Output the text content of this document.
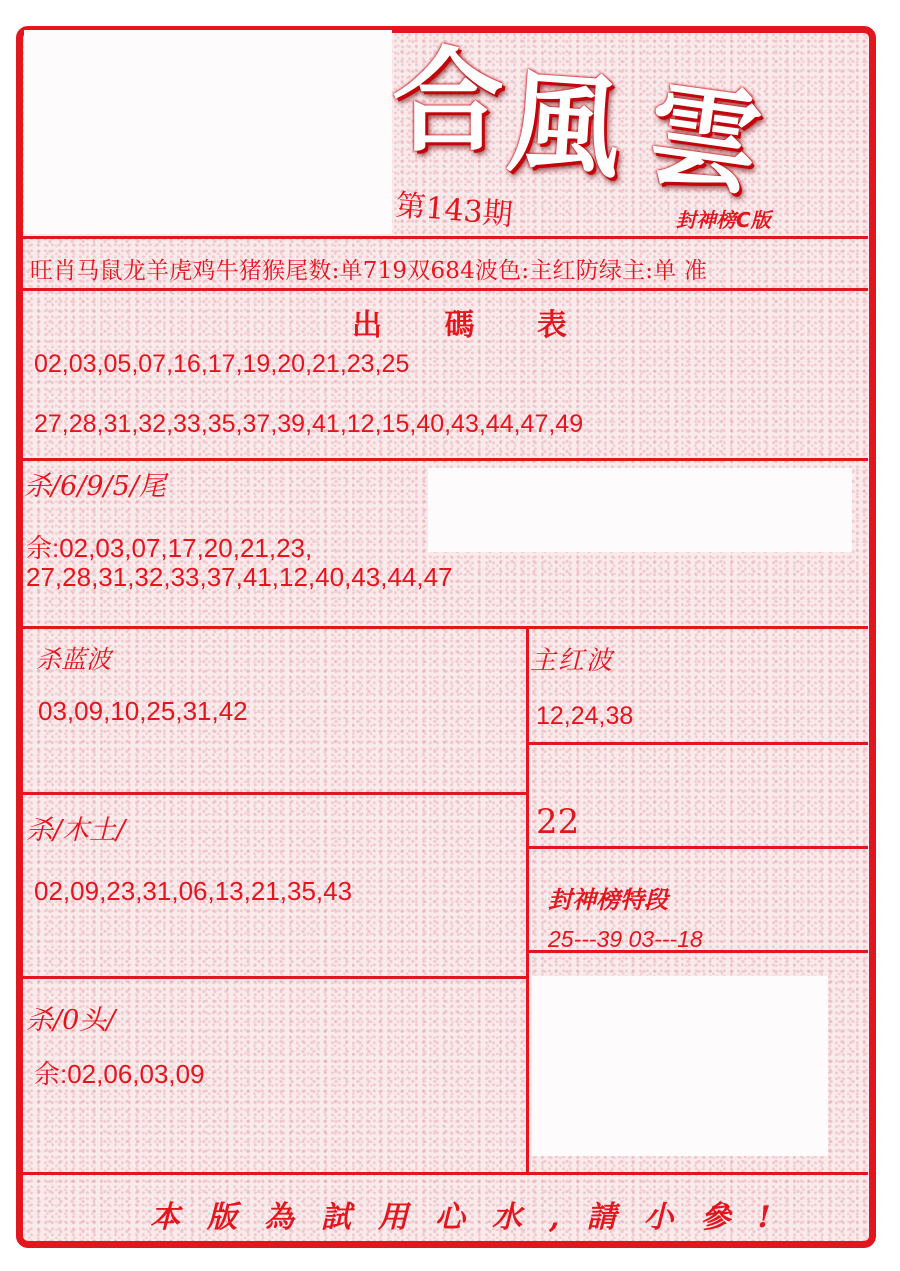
合 風 雲
第143期	封神榜C版
旺肖马鼠龙羊虎鸡牛猪猴尾数:单719双684波色:主红防绿主:单 准
出 碼 表
02,03,05,07,16,17,19,20,21,23,25
27,28,31,32,33,35,37,39,41,12,15,40,43,44,47,49
杀/6/9/5/尾
余:02,03,07,17,20,21,23,
27,28,31,32,33,37,41,12,40,43,44,47
杀蓝波
03,09,10,25,31,42
主红波
12,24,38
22
杀/木土/
02,09,23,31,06,13,21,35,43	封神榜特段
25---39 03---18
杀/0头/
余:02,06,03,09
本版為試用心水,請小參!
